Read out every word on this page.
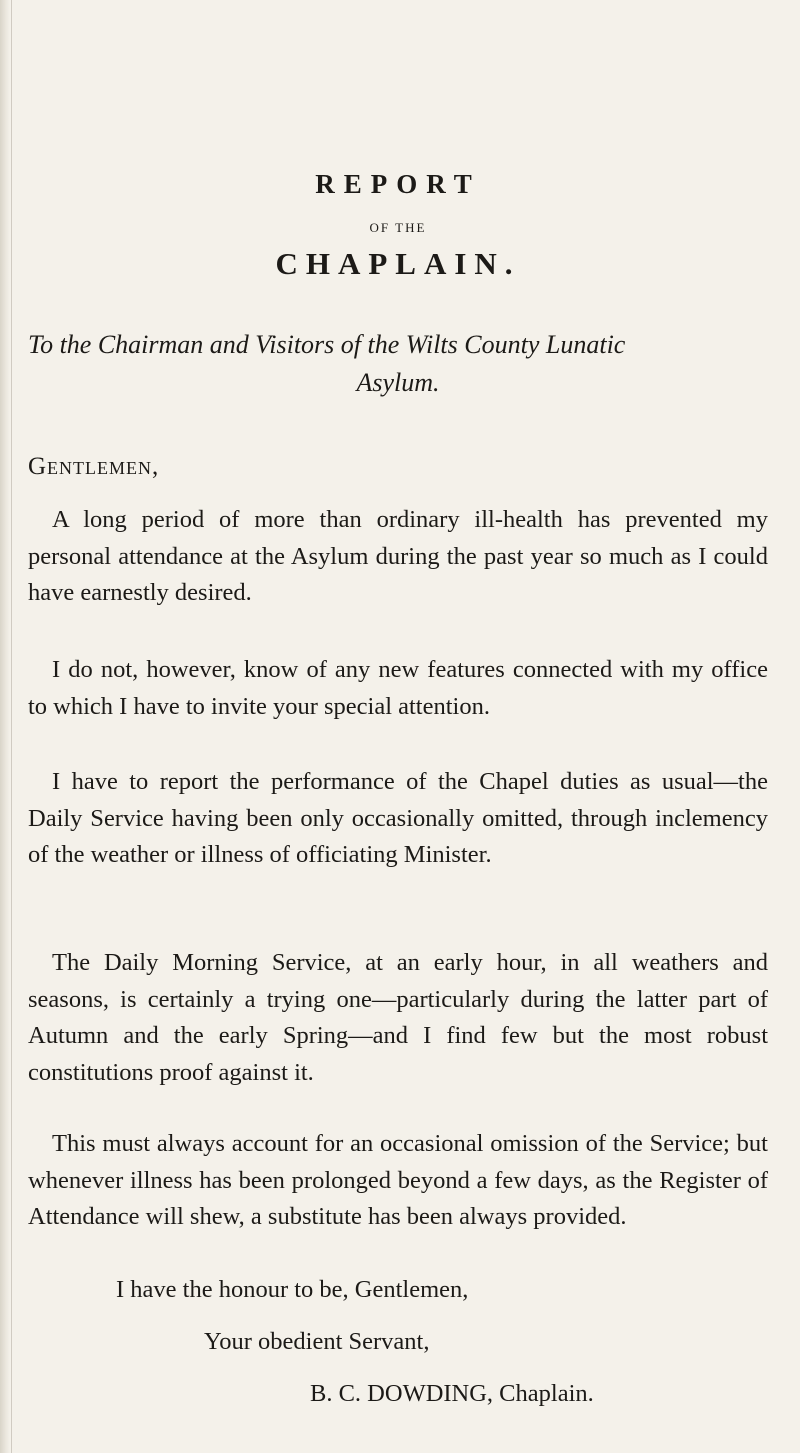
REPORT
OF THE
CHAPLAIN.
To the Chairman and Visitors of the Wilts County Lunatic
Asylum.
Gentlemen,

A long period of more than ordinary ill-health has prevented my personal attendance at the Asylum during the past year so much as I could have earnestly desired.

I do not, however, know of any new features connected with my office to which I have to invite your special attention.

I have to report the performance of the Chapel duties as usual—the Daily Service having been only occasionally omitted, through inclemency of the weather or illness of officiating Minister.

The Daily Morning Service, at an early hour, in all weathers and seasons, is certainly a trying one—particularly during the latter part of Autumn and the early Spring—and I find few but the most robust constitutions proof against it.

This must always account for an occasional omission of the Service; but whenever illness has been prolonged beyond a few days, as the Register of Attendance will shew, a substitute has been always provided.

I have the honour to be, Gentlemen,
Your obedient Servant,
B. C. DOWDING, Chaplain.
